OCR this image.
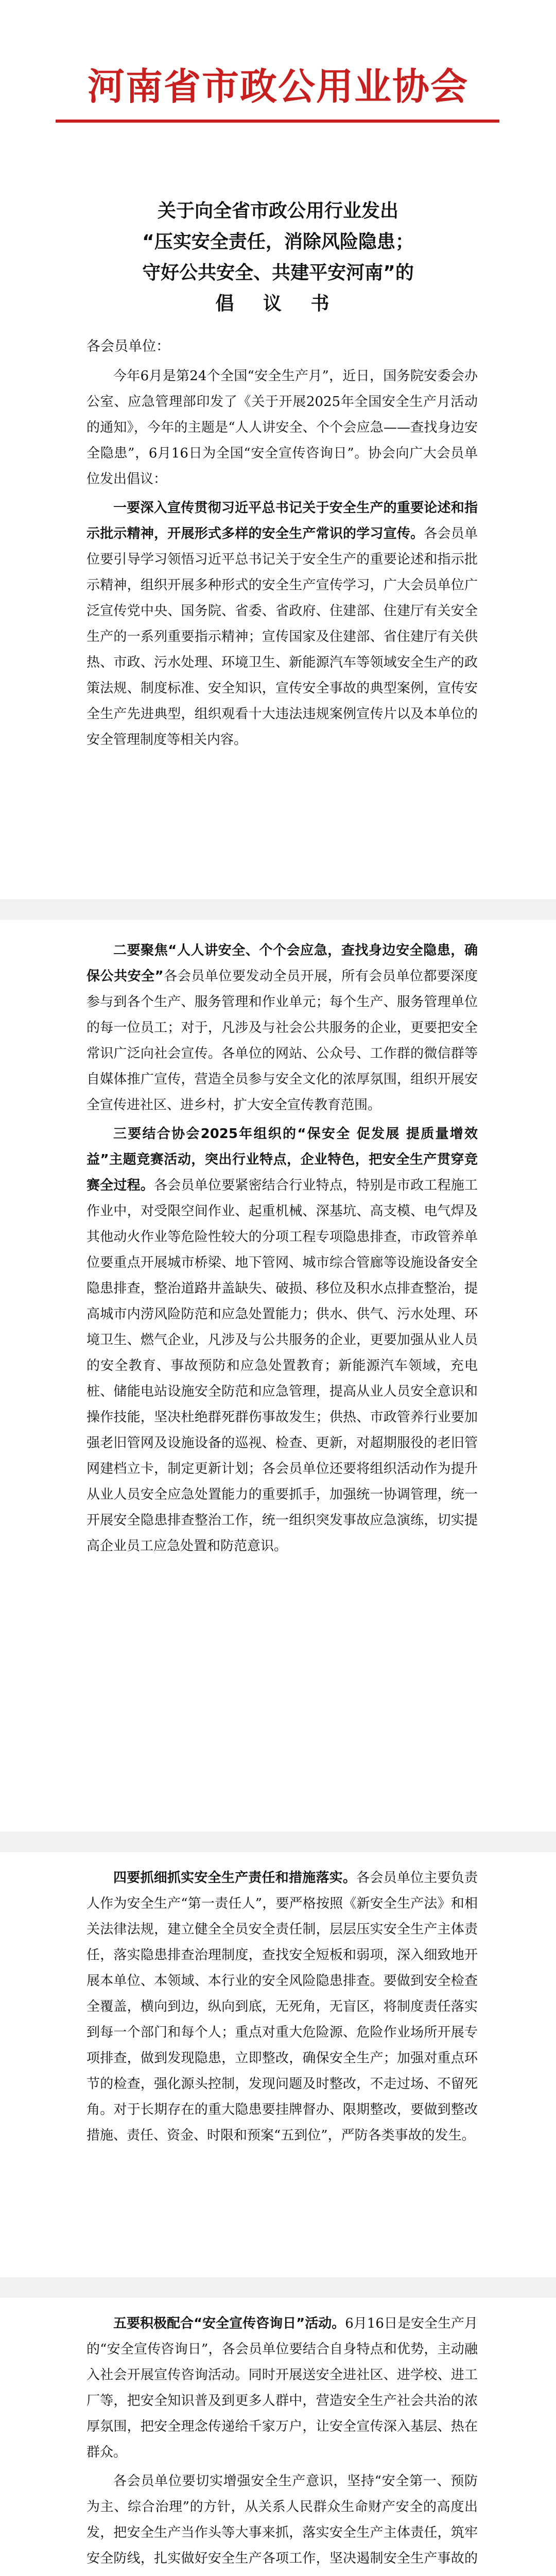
河南省市政公用业协会
关于向全省市政公用行业发出
“压实安全责任，消除风险隐患；
守好公共安全、共建平安河南”的
倡 议 书
各会员单位：

今年6月是第24个全国“安全生产月”，近日，国务院安委会办公室、应急管理部印发了《关于开展2025年全国安全生产月活动的通知》，今年的主题是“人人讲安全、个个会应急——查找身边安全隐患”，6月16日为全国“安全宣传咨询日”。协会向广大会员单位发出倡议：

一要深入宣传贯彻习近平总书记关于安全生产的重要论述和指示批示精神，开展形式多样的安全生产常识的学习宣传。各会员单位要引导学习领悟习近平总书记关于安全生产的重要论述和指示批示精神，组织开展多种形式的安全生产宣传学习，广大会员单位广泛宣传党中央、国务院、省委、省政府、住建部、住建厅有关安全生产的一系列重要指示精神；宣传国家及住建部、省住建厅有关供热、市政、污水处理、环境卫生、新能源汽车等领域安全生产的政策法规、制度标准、安全知识，宣传安全事故的典型案例，宣传安全生产先进典型，组织观看十大违法违规案例宣传片以及本单位的安全管理制度等相关内容。

二要聚焦“人人讲安全、个个会应急，查找身边安全隐患，确保公共安全”各会员单位要发动全员开展，所有会员单位都要深度参与到各个生产、服务管理和作业单元；每个生产、服务管理单位的每一位员工；对于，凡涉及与社会公共服务的企业，更要把安全常识广泛向社会宣传。各单位的网站、公众号、工作群的微信群等自媒体推广宣传，营造全员参与安全文化的浓厚氛围，组织开展安全宣传进社区、进乡村，扩大安全宣传教育范围。

三要结合协会2025年组织的“保安全 促发展 提质量增效益”主题竞赛活动，突出行业特点，企业特色，把安全生产贯穿竞赛全过程。各会员单位要紧密结合行业特点，特别是市政工程施工作业中，对受限空间作业、起重机械、深基坑、高支模、电气焊及其他动火作业等危险性较大的分项工程专项隐患排查，市政管养单位要重点开展城市桥梁、地下管网、城市综合管廊等设施设备安全隐患排查，整治道路井盖缺失、破损、移位及积水点排查整治，提高城市内涝风险防范和应急处置能力；供水、供气、污水处理、环境卫生、燃气企业，凡涉及与公共服务的企业，更要加强从业人员的安全教育、事故预防和应急处置教育；新能源汽车领域，充电桩、储能电站设施安全防范和应急管理，提高从业人员安全意识和操作技能，坚决杜绝群死群伤事故发生；供热、市政管养行业要加强老旧管网及设施设备的巡视、检查、更新，对超期服役的老旧管网建档立卡，制定更新计划；各会员单位还要将组织活动作为提升从业人员安全应急处置能力的重要抓手，加强统一协调管理，统一开展安全隐患排查整治工作，统一组织突发事故应急演练，切实提高企业员工应急处置和防范意识。

四要抓细抓实安全生产责任和措施落实。各会员单位主要负责人作为安全生产“第一责任人”，要严格按照《新安全生产法》和相关法律法规，建立健全全员安全责任制，层层压实安全生产主体责任，落实隐患排查治理制度，查找安全短板和弱项，深入细致地开展本单位、本领域、本行业的安全风险隐患排查。要做到安全检查全覆盖，横向到边，纵向到底，无死角，无盲区，将制度责任落实到每一个部门和每个人；重点对重大危险源、危险作业场所开展专项排查，做到发现隐患，立即整改，确保安全生产；加强对重点环节的检查，强化源头控制，发现问题及时整改，不走过场、不留死角。对于长期存在的重大隐患要挂牌督办、限期整改，要做到整改措施、责任、资金、时限和预案“五到位”，严防各类事故的发生。

五要积极配合“安全宣传咨询日”活动。6月16日是安全生产月的“安全宣传咨询日”，各会员单位要结合自身特点和优势，主动融入社会开展宣传咨询活动。同时开展送安全进社区、进学校、进工厂等，把安全知识普及到更多人群中，营造安全生产社会共治的浓厚氛围，把安全理念传递给千家万户，让安全宣传深入基层、热在群众。

各会员单位要切实增强安全生产意识，坚持“安全第一、预防为主、综合治理”的方针，从关系人民群众生命财产安全的高度出发，把安全生产当作头等大事来抓，落实安全生产主体责任，筑牢安全防线，扎实做好安全生产各项工作，坚决遏制安全生产事故的
